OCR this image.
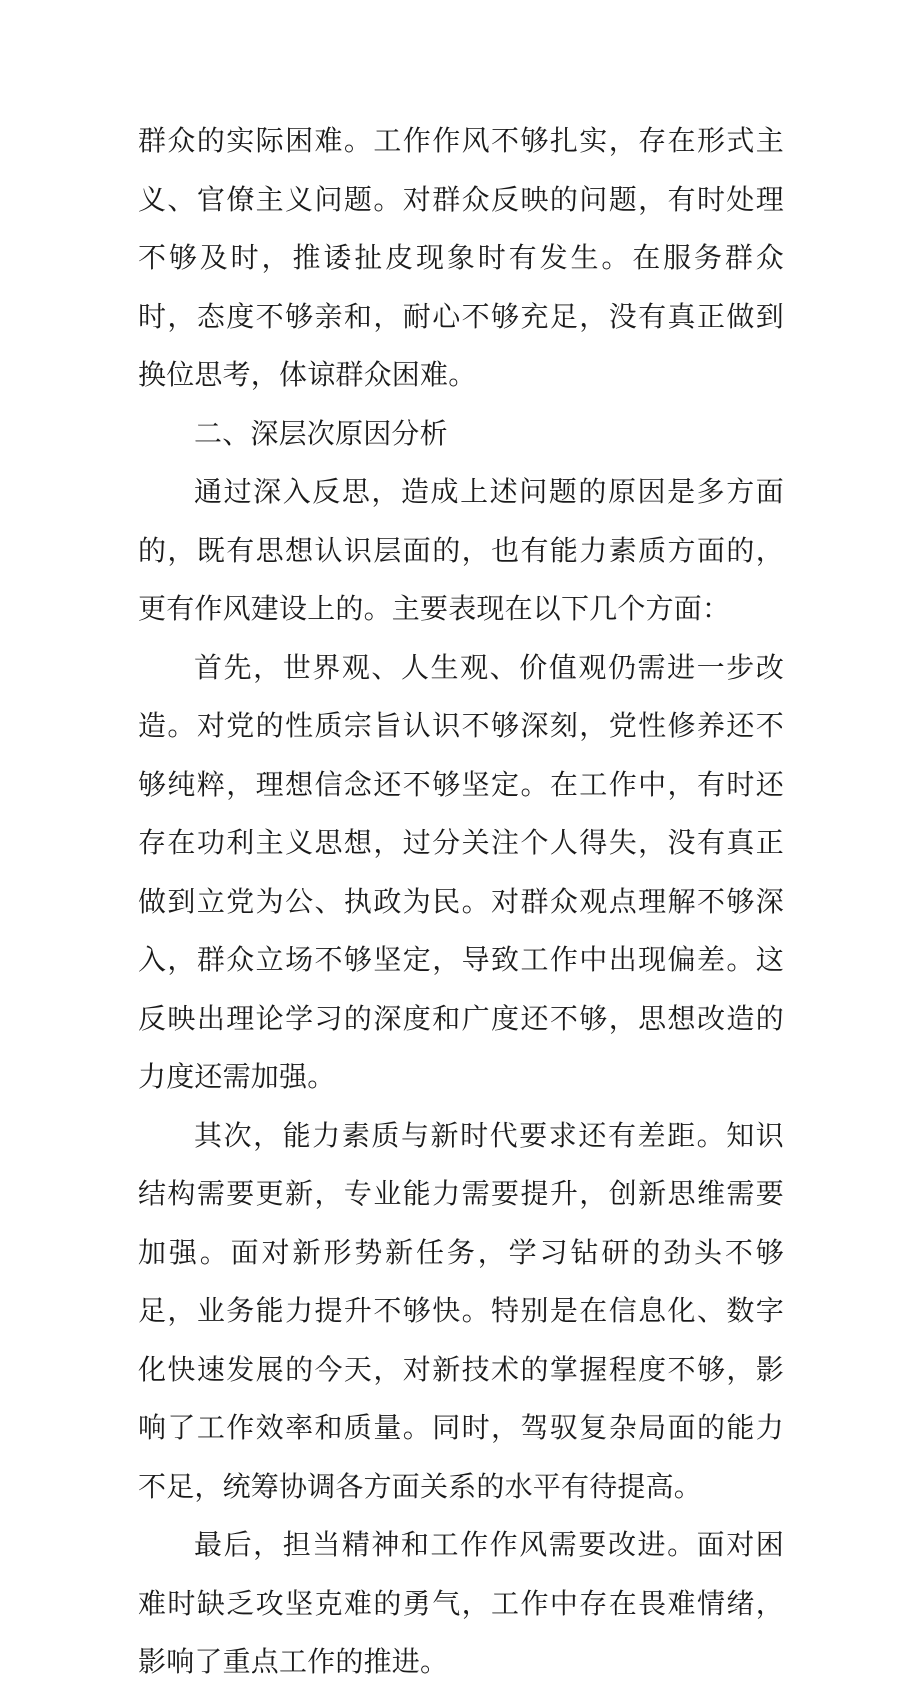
群众的实际困难。工作作风不够扎实，存在形式主义、官僚主义问题。对群众反映的问题，有时处理不够及时，推诿扯皮现象时有发生。在服务群众时，态度不够亲和，耐心不够充足，没有真正做到换位思考，体谅群众困难。

二、深层次原因分析

通过深入反思，造成上述问题的原因是多方面的，既有思想认识层面的，也有能力素质方面的，更有作风建设上的。主要表现在以下几个方面：

首先，世界观、人生观、价值观仍需进一步改造。对党的性质宗旨认识不够深刻，党性修养还不够纯粹，理想信念还不够坚定。在工作中，有时还存在功利主义思想，过分关注个人得失，没有真正做到立党为公、执政为民。对群众观点理解不够深入，群众立场不够坚定，导致工作中出现偏差。这反映出理论学习的深度和广度还不够，思想改造的力度还需加强。

其次，能力素质与新时代要求还有差距。知识结构需要更新，专业能力需要提升，创新思维需要加强。面对新形势新任务，学习钻研的劲头不够足，业务能力提升不够快。特别是在信息化、数字化快速发展的今天，对新技术的掌握程度不够，影响了工作效率和质量。同时，驾驭复杂局面的能力不足，统筹协调各方面关系的水平有待提高。

最后，担当精神和工作作风需要改进。面对困难时缺乏攻坚克难的勇气，工作中存在畏难情绪，影响了重点工作的推进。
